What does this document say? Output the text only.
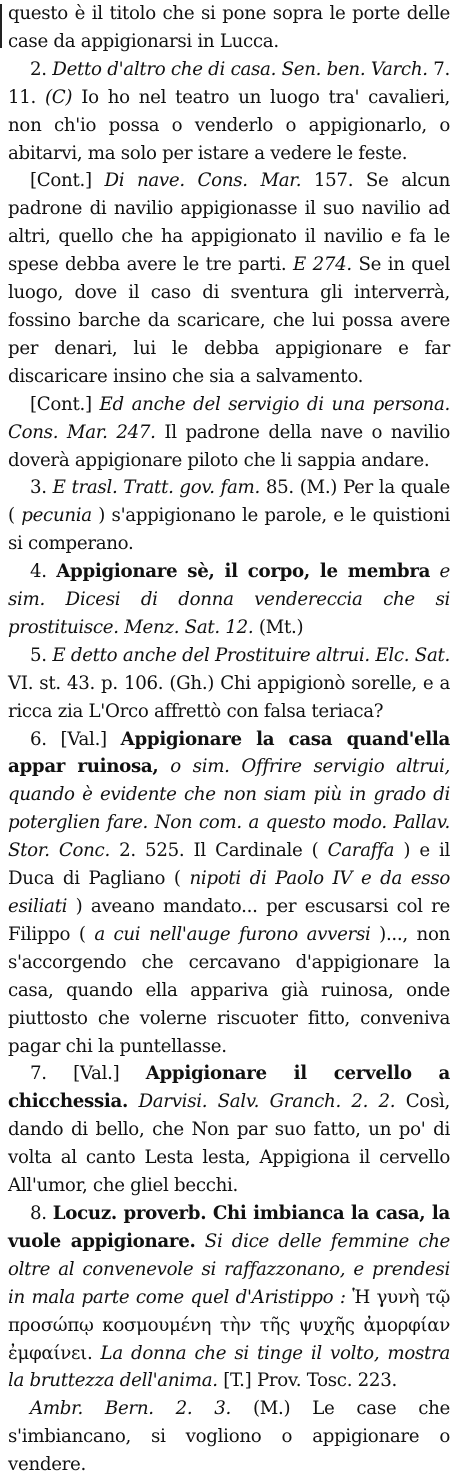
questo è il titolo che si pone sopra le porte delle case da appigionarsi in Lucca.

2. Detto d'altro che di casa. Sen. ben. Varch. 7. 11. (C) Io ho nel teatro un luogo tra' cavalieri, non ch'io possa o venderlo o appigionarlo, o abitarvi, ma solo per istare a vedere le feste.

[Cont.] Di nave. Cons. Mar. 157. Se alcun padrone di navilio appigionasse il suo navilio ad altri, quello che ha appigionato il navilio e fa le spese debba avere le tre parti. E 274. Se in quel luogo, dove il caso di sventura gli interverrà, fossino barche da scaricare, che lui possa avere per denari, lui le debba appigionare e far discaricare insino che sia a salvamento.

[Cont.] Ed anche del servigio di una persona. Cons. Mar. 247. Il padrone della nave o navilio doverà appigionare piloto che li sappia andare.

3. E trasl. Tratt. gov. fam. 85. (M.) Per la quale ( pecunia ) s'appigionano le parole, e le quistioni si comperano.

4. Appigionare sè, il corpo, le membra e sim. Dicesi di donna venderеccia che si prostituisce. Menz. Sat. 12. (Mt.)

5. E detto anche del Prostituire altrui. Elc. Sat. VI. st. 43. p. 106. (Gh.) Chi appigionò sorelle, e a ricca zia L'Orco affrettò con falsa teriaca?

6. [Val.] Appigionare la casa quand'ella appar ruinosa, o sim. Offrire servigio altrui, quando è evidente che non siam più in grado di poterglien fare. Non com. a questo modo. Pallav. Stor. Conc. 2. 525. Il Cardinale ( Caraffa ) e il Duca di Pagliano ( nipoti di Paolo IV e da esso esiliati ) aveano mandato... per escusarsi col re Filippo ( a cui nell'auge furono avversi )..., non s'accorgendo che cercavano d'appigionare la casa, quando ella appariva già ruinosa, onde piuttosto che volerne riscuoter fitto, conveniva pagar chi la puntellasse.

7. [Val.] Appigionare il cervello a chicchessia. Darvisi. Salv. Granch. 2. 2. Così, dando di bello, che Non par suo fatto, un po' di volta al canto Lesta lesta, Appigiona il cervello All'umor, che gliel becchi.

8. Locuz. proverb. Chi imbianca la casa, la vuole appigionare. Si dice delle femmine che oltre al convenevole si raffazzonano, e prendesi in mala parte come quel d'Aristippo : Ἡ γυνὴ τῷ προσώπῳ κοσμουμένη τὴν τῆς ψυχῆς ἀμορφίαν ἐμφαίνει. La donna che si tinge il volto, mostra la bruttezza dell'anima. [T.] Prov. Tosc. 223.

Ambr. Bern. 2. 3. (M.) Le case che s'imbiancano, si vogliono o appigionare o vendere.
